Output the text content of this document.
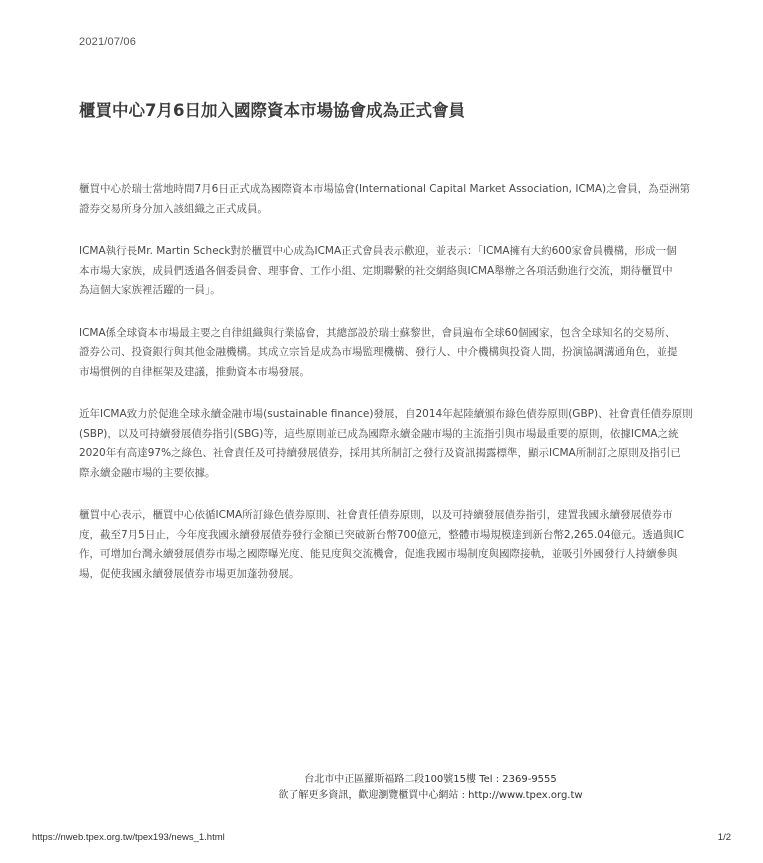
2021/07/06
櫃買中心7月6日加入國際資本市場協會成為正式會員

櫃買中心於瑞士當地時間7月6日正式成為國際資本市場協會(International Capital Market Association, ICMA)之會員，為亞洲第
證券交易所身分加入該組織之正式成員。

ICMA執行長Mr. Martin Scheck對於櫃買中心成為ICMA正式會員表示歡迎，並表示：「ICMA擁有大約600家會員機構，形成一個
本市場大家族，成員們透過各個委員會、理事會、工作小組、定期聯繫的社交網絡與ICMA舉辦之各項活動進行交流，期待櫃買中
為這個大家族裡活躍的一員」。

ICMA係全球資本市場最主要之自律組織與行業協會，其總部設於瑞士蘇黎世，會員遍布全球60個國家，包含全球知名的交易所、
證券公司、投資銀行與其他金融機構。其成立宗旨是成為市場監理機構、發行人、中介機構與投資人間，扮演協調溝通角色，並提
市場慣例的自律框架及建議，推動資本市場發展。

近年ICMA致力於促進全球永續金融市場(sustainable finance)發展，自2014年起陸續頒布綠色債券原則(GBP)、社會責任債券原則
(SBP)，以及可持續發展債券指引(SBG)等，這些原則並已成為國際永續金融市場的主流指引與市場最重要的原則，依據ICMA之統
2020年有高達97%之綠色、社會責任及可持續發展債券，採用其所制訂之發行及資訊揭露標準，顯示ICMA所制訂之原則及指引已
際永續金融市場的主要依據。

櫃買中心表示，櫃買中心依循ICMA所訂綠色債券原則、社會責任債券原則，以及可持續發展債券指引，建置我國永續發展債券市
度，截至7月5日止，今年度我國永續發展債券發行金額已突破新台幣700億元，整體市場規模達到新台幣2,265.04億元。透過與IC
作，可增加台灣永續發展債券市場之國際曝光度、能見度與交流機會，促進我國市場制度與國際接軌，並吸引外國發行人持續參與
場，促使我國永續發展債券市場更加蓬勃發展。

台北市中正區羅斯福路二段100號15樓 Tel : 2369-9555
欲了解更多資訊，歡迎瀏覽櫃買中心網站 : http://www.tpex.org.tw
https://nweb.tpex.org.tw/tpex193/news_1.html	1/2
